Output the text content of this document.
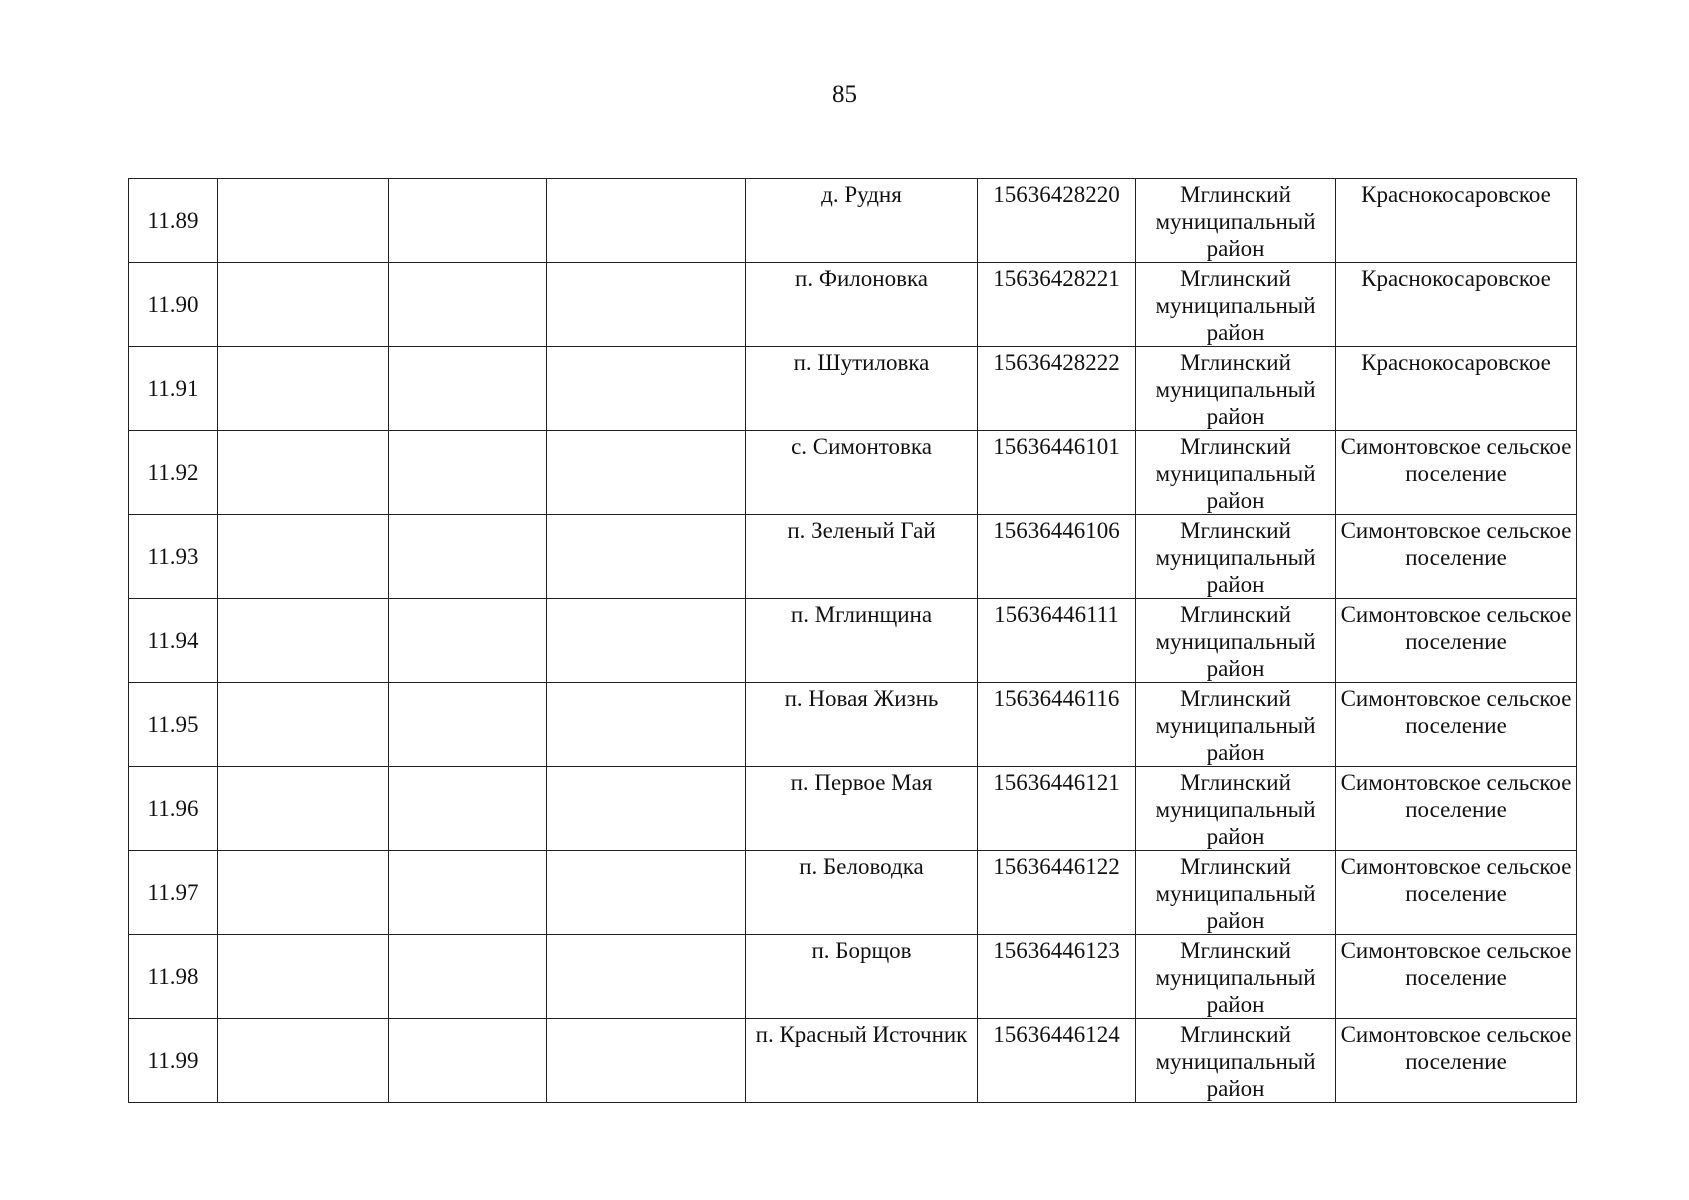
85
11.89				д. Рудня	15636428220	Мглинский муниципальный район	Краснокосаровское
11.90				п. Филоновка	15636428221	Мглинский муниципальный район	Краснокосаровское
11.91				п. Шутиловка	15636428222	Мглинский муниципальный район	Краснокосаровское
11.92				с. Симонтовка	15636446101	Мглинский муниципальный район	Симонтовское сельское поселение
11.93				п. Зеленый Гай	15636446106	Мглинский муниципальный район	Симонтовское сельское поселение
11.94				п. Мглинщина	15636446111	Мглинский муниципальный район	Симонтовское сельское поселение
11.95				п. Новая Жизнь	15636446116	Мглинский муниципальный район	Симонтовское сельское поселение
11.96				п. Первое Мая	15636446121	Мглинский муниципальный район	Симонтовское сельское поселение
11.97				п. Беловодка	15636446122	Мглинский муниципальный район	Симонтовское сельское поселение
11.98				п. Борщов	15636446123	Мглинский муниципальный район	Симонтовское сельское поселение
11.99				п. Красный Источник	15636446124	Мглинский муниципальный район	Симонтовское сельское поселение
